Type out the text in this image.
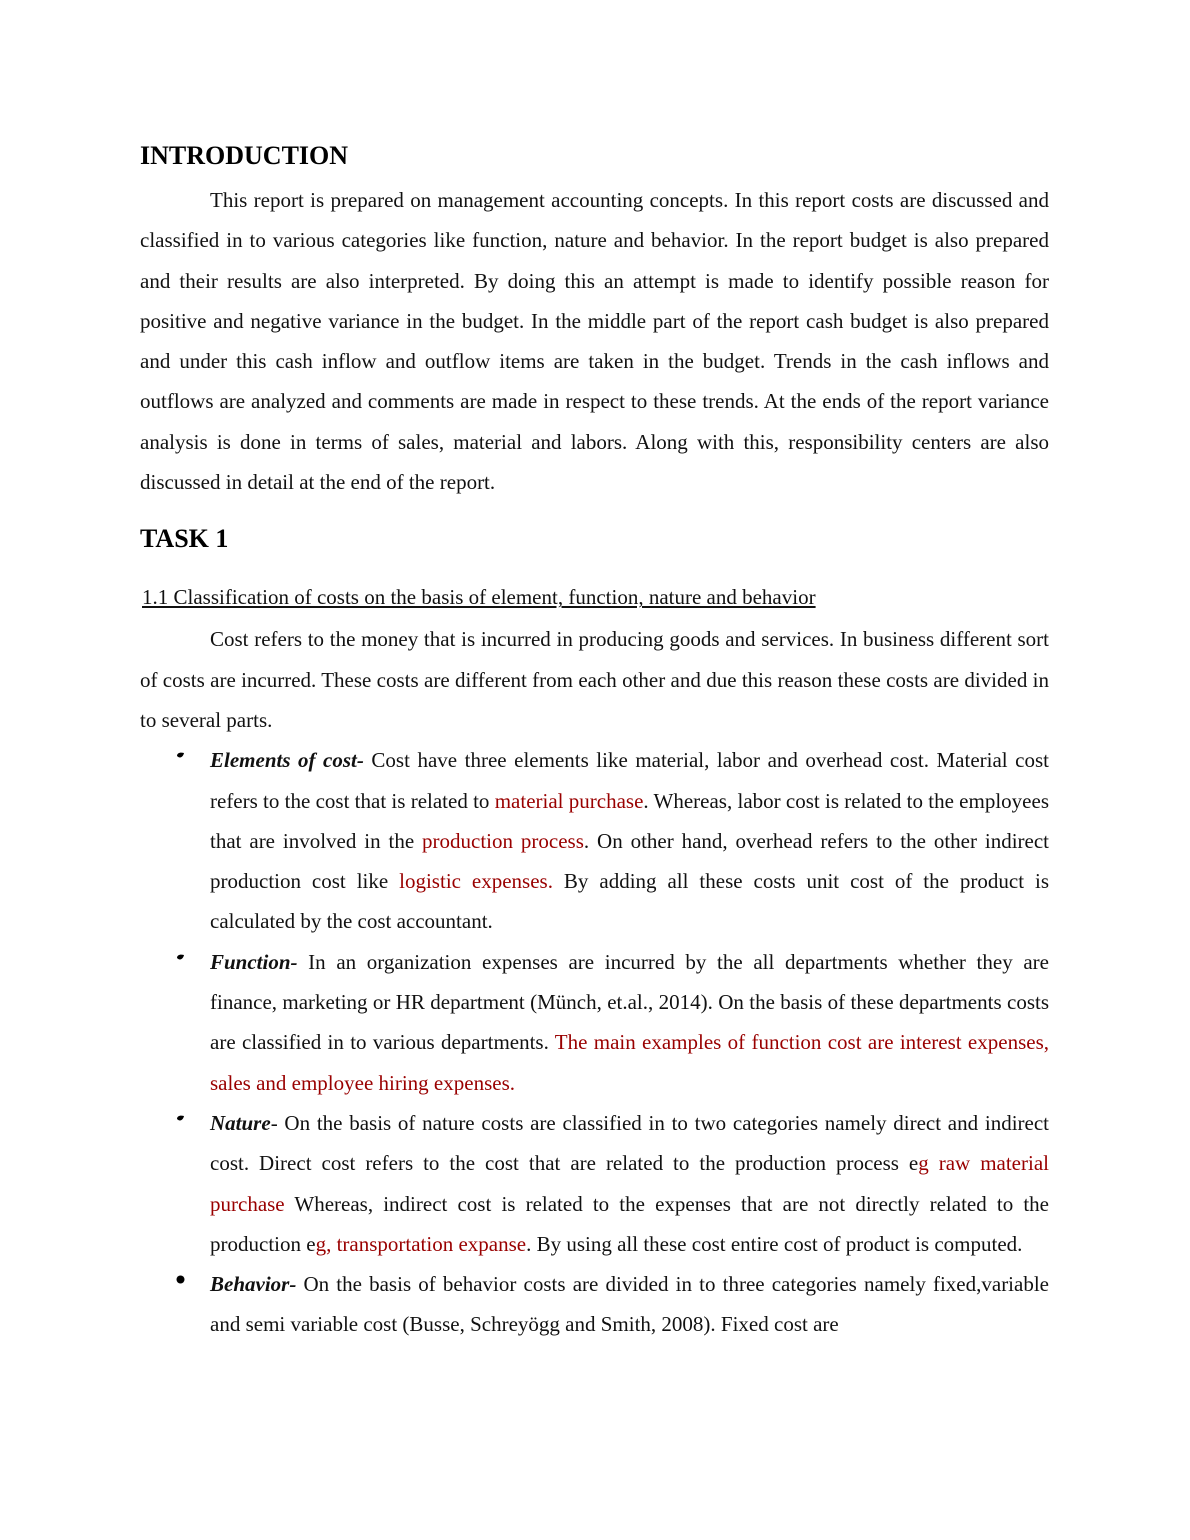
INTRODUCTION

This report is prepared on management accounting concepts. In this report costs are discussed and classified in to various categories like function, nature and behavior. In the report budget is also prepared and their results are also interpreted. By doing this an attempt is made to identify possible reason for positive and negative variance in the budget. In the middle part of the report cash budget is also prepared and under this cash inflow and outflow items are taken in the budget. Trends in the cash inflows and outflows are analyzed and comments are made in respect to these trends. At the ends of the report variance analysis is done in terms of sales, material and labors. Along with this, responsibility centers are also discussed in detail at the end of the report.

TASK 1
1.1 Classification of costs on the basis of element, function, nature and behavior

Cost refers to the money that is incurred in producing goods and services. In business different sort of costs are incurred. These costs are different from each other and due this reason these costs are divided in to several parts.

Elements of cost- Cost have three elements like material, labor and overhead cost. Material cost refers to the cost that is related to material purchase. Whereas, labor cost is related to the employees that are involved in the production process. On other hand, overhead refers to the other indirect production cost like logistic expenses. By adding all these costs unit cost of the product is calculated by the cost accountant.
Function- In an organization expenses are incurred by the all departments whether they are finance, marketing or HR department (Münch, et.al., 2014). On the basis of these departments costs are classified in to various departments. The main examples of function cost are interest expenses, sales and employee hiring expenses.
Nature- On the basis of nature costs are classified in to two categories namely direct and indirect cost. Direct cost refers to the cost that are related to the production process eg raw material purchase Whereas, indirect cost is related to the expenses that are not directly related to the production eg, transportation expanse. By using all these cost entire cost of product is computed.
Behavior- On the basis of behavior costs are divided in to three categories namely fixed,variable and semi variable cost (Busse, Schreyögg and Smith, 2008). Fixed cost are
